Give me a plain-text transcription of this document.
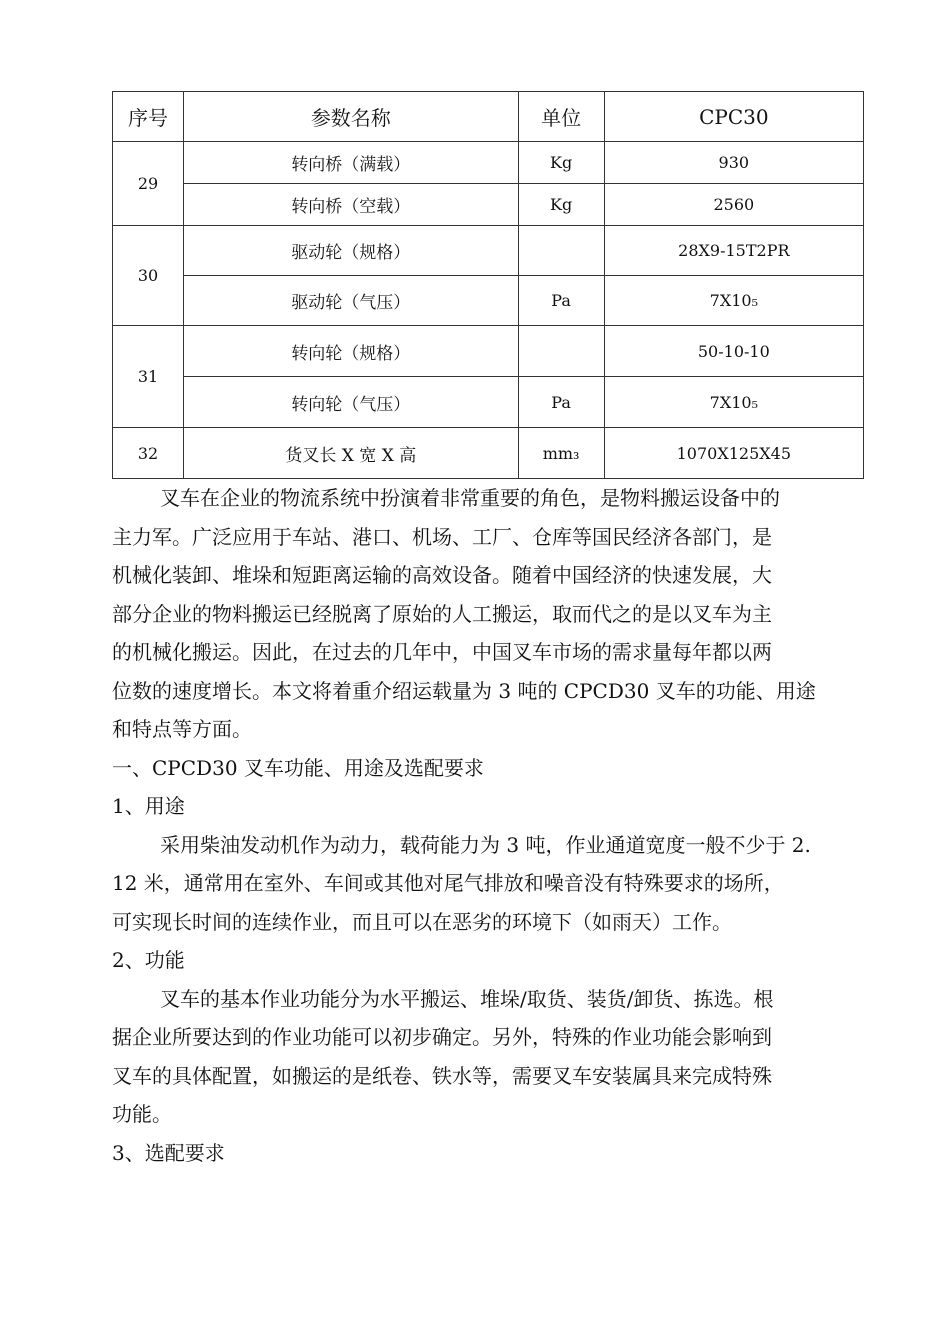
序号	参数名称	单位	CPC30
29	转向桥（满载）	Kg	930
	转向桥（空载）	Kg	2560
30	驱动轮（规格）		28X9-15T2PR
	驱动轮（气压）	Pa	7X10₅
31	转向轮（规格）		50-10-10
	转向轮（气压）	Pa	7X10₅
32	货叉长 X 宽 X 高	mm₃	1070X125X45
叉车在企业的物流系统中扮演着非常重要的角色，是物料搬运设备中的
主力军。广泛应用于车站、港口、机场、工厂、仓库等国民经济各部门，是
机械化装卸、堆垛和短距离运输的高效设备。随着中国经济的快速发展，大
部分企业的物料搬运已经脱离了原始的人工搬运，取而代之的是以叉车为主
的机械化搬运。因此，在过去的几年中，中国叉车市场的需求量每年都以两
位数的速度增长。本文将着重介绍运载量为 3 吨的 CPCD30 叉车的功能、用途
和特点等方面。
一、CPCD30 叉车功能、用途及选配要求
1、用途
采用柴油发动机作为动力，载荷能力为 3 吨，作业通道宽度一般不少于 2.
12 米，通常用在室外、车间或其他对尾气排放和噪音没有特殊要求的场所，
可实现长时间的连续作业，而且可以在恶劣的环境下（如雨天）工作。
2、功能
叉车的基本作业功能分为水平搬运、堆垛/取货、装货/卸货、拣选。根
据企业所要达到的作业功能可以初步确定。另外，特殊的作业功能会影响到
叉车的具体配置，如搬运的是纸卷、铁水等，需要叉车安装属具来完成特殊
功能。
3、选配要求
